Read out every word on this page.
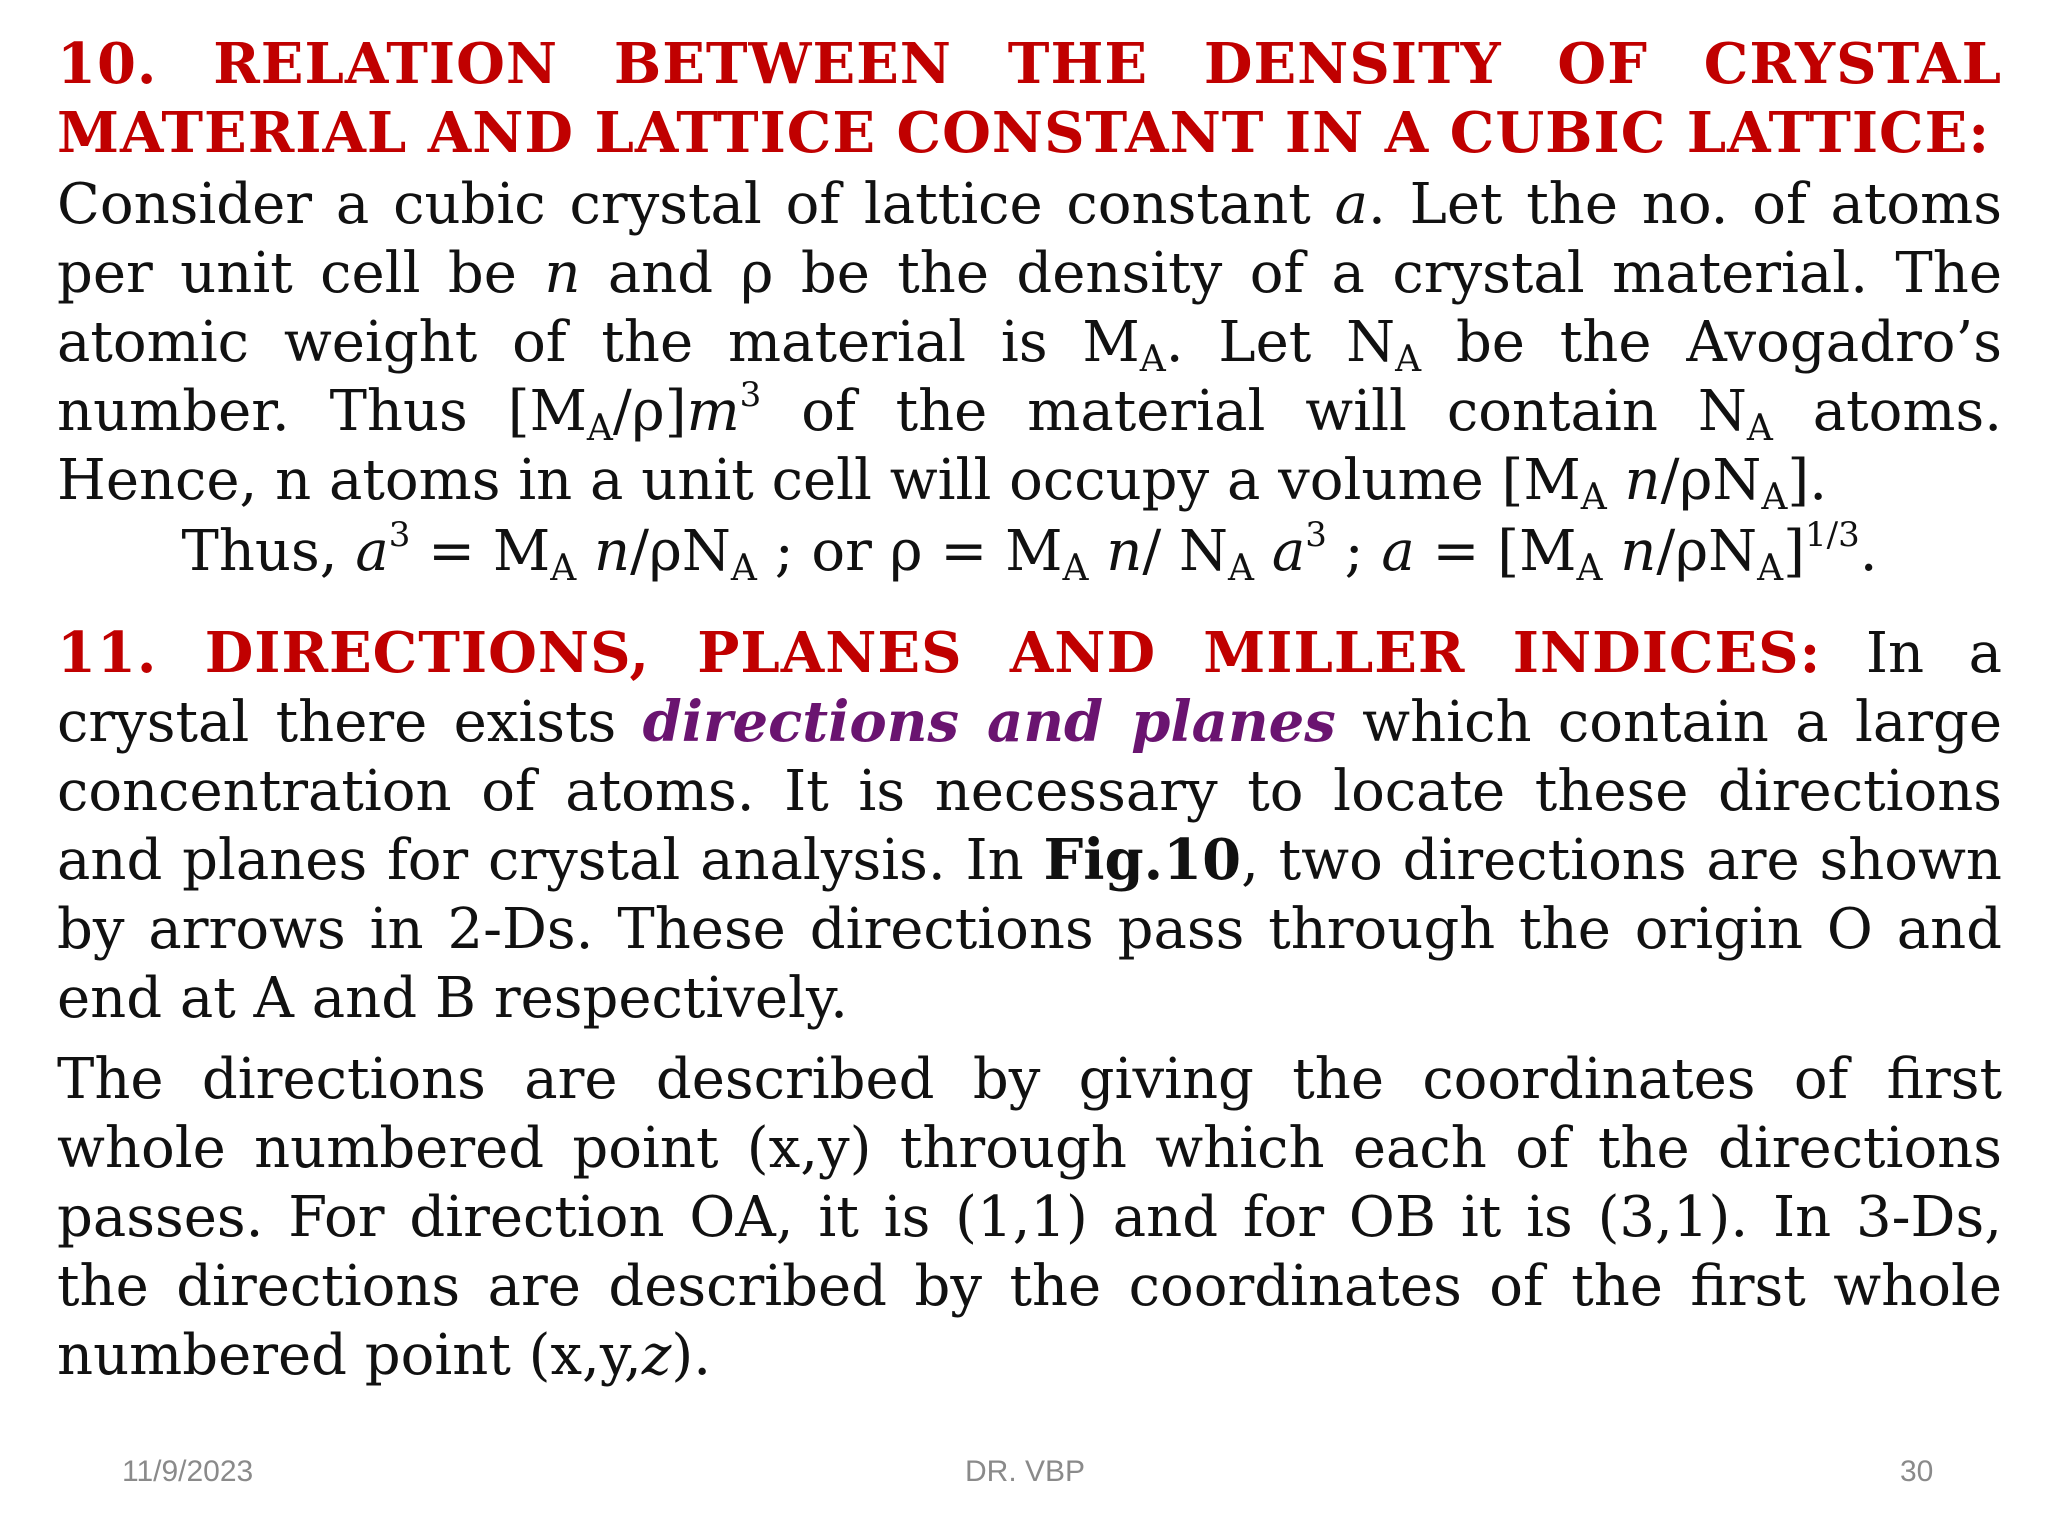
10. RELATION BETWEEN THE DENSITY OF CRYSTAL MATERIAL AND LATTICE CONSTANT IN A CUBIC LATTICE:

Consider a cubic crystal of lattice constant a. Let the no. of atoms per unit cell be n and ρ be the density of a crystal material. The atomic weight of the material is $M_A$. Let $N_A$ be the Avogadro’s number. Thus $[M_A/\rho]m^3$ of the material will contain $N_A$ atoms. Hence, n atoms in a unit cell will occupy a volume [$M_A$ $n/\rho N_A$].

Thus, $a^3 = M_A$ $n/\rho N_A$ ; or $\rho = M_A$ n/ $N_A$ $a^3$ ; $a = [M_A$ $n/\rho N_A]^{1/3}$.

11. DIRECTIONS, PLANES AND MILLER INDICES: In a crystal there exists directions and planes which contain a large concentration of atoms. It is necessary to locate these directions and planes for crystal analysis. In Fig.10, two directions are shown by arrows in 2-Ds. These directions pass through the origin O and end at A and B respectively.

The directions are described by giving the coordinates of first whole numbered point (x,y) through which each of the directions passes. For direction OA, it is (1,1) and for OB it is (3,1). In 3-Ds, the directions are described by the coordinates of the first whole numbered point (x,y,z).

11/9/2023	DR. VBP	30
